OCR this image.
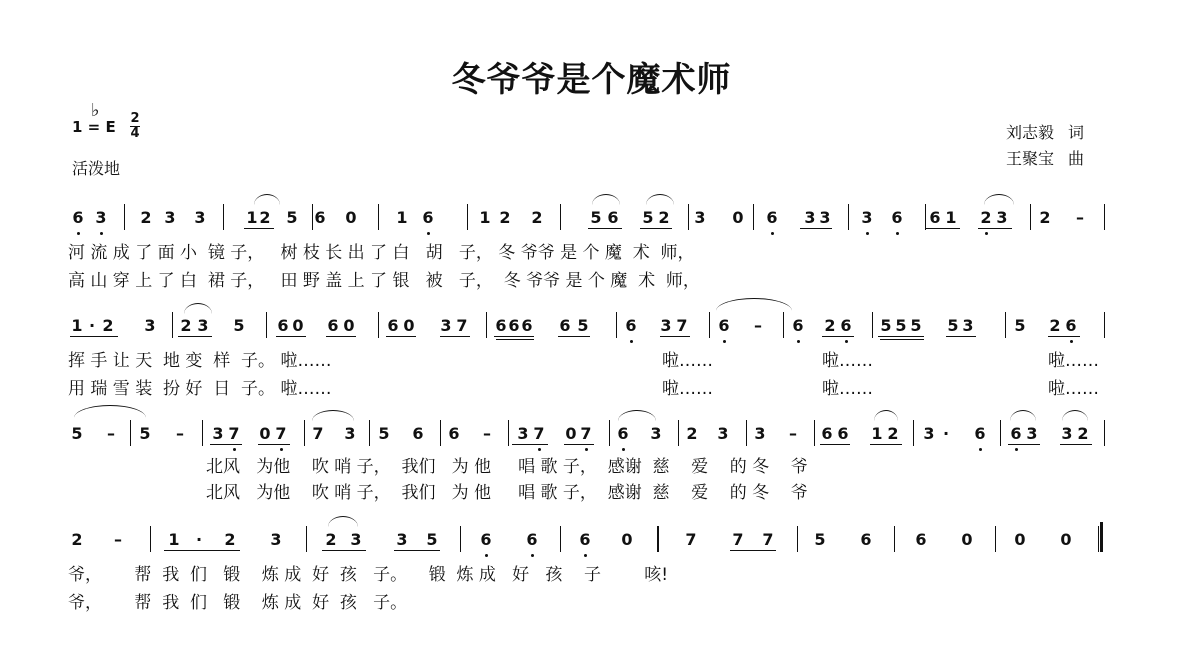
冬爷爷是个魔术师
♭
1 = E 2
4
活泼地
刘志毅 词
王聚宝 曲
6 3 2 3 3	1 2 5 6 0 1 6	1 2 2	5 6 5 2 3 0 6 3 3 3 6 6 1 2 3 2 –
1 · 2 3 2 3 5 6 0 6 0 6 0 3 7 6 6 6 6 5 6 3 7 6 – 6 2 6 5 5 5 5 3	5 2 6
5 – 5 – 3 7 0 7 7 3 5 6 6 – 3 7 0 7 6 3 2 3 3 – 6 6 1 2 3 · 6 6 3 3 2
2 –	1 · 2 3	2 3 3 5	6 6	6 0	7 7 7	5 6	6 0	0 0
河 流 成 了 面 小  镜 子，   树 枝 长 出 了 白   胡   子， 冬 爷爷 是 个 魔  术  师，
高 山 穿 上 了 白  裙 子，   田 野 盖 上 了 银   被   子，  冬 爷爷 是 个 魔  术  师，
挥 手 让 天  地 变  样  子。 啦……	啦……	啦……	啦……
用 瑞 雪 装  扮 好  日  子。 啦……	啦……	啦……	啦……
北风   为他    吹 哨 子，  我们   为 他     唱 歌 子，  感谢  慈    爱    的 冬    爷
北风   为他    吹 哨 子，  我们   为 他     唱 歌 子，  感谢  慈    爱    的 冬    爷
爷，      帮  我  们   锻    炼 成  好  孩   子。    锻  炼 成   好   孩    子        咳!
爷，      帮  我  们   锻    炼 成  好  孩   子。
